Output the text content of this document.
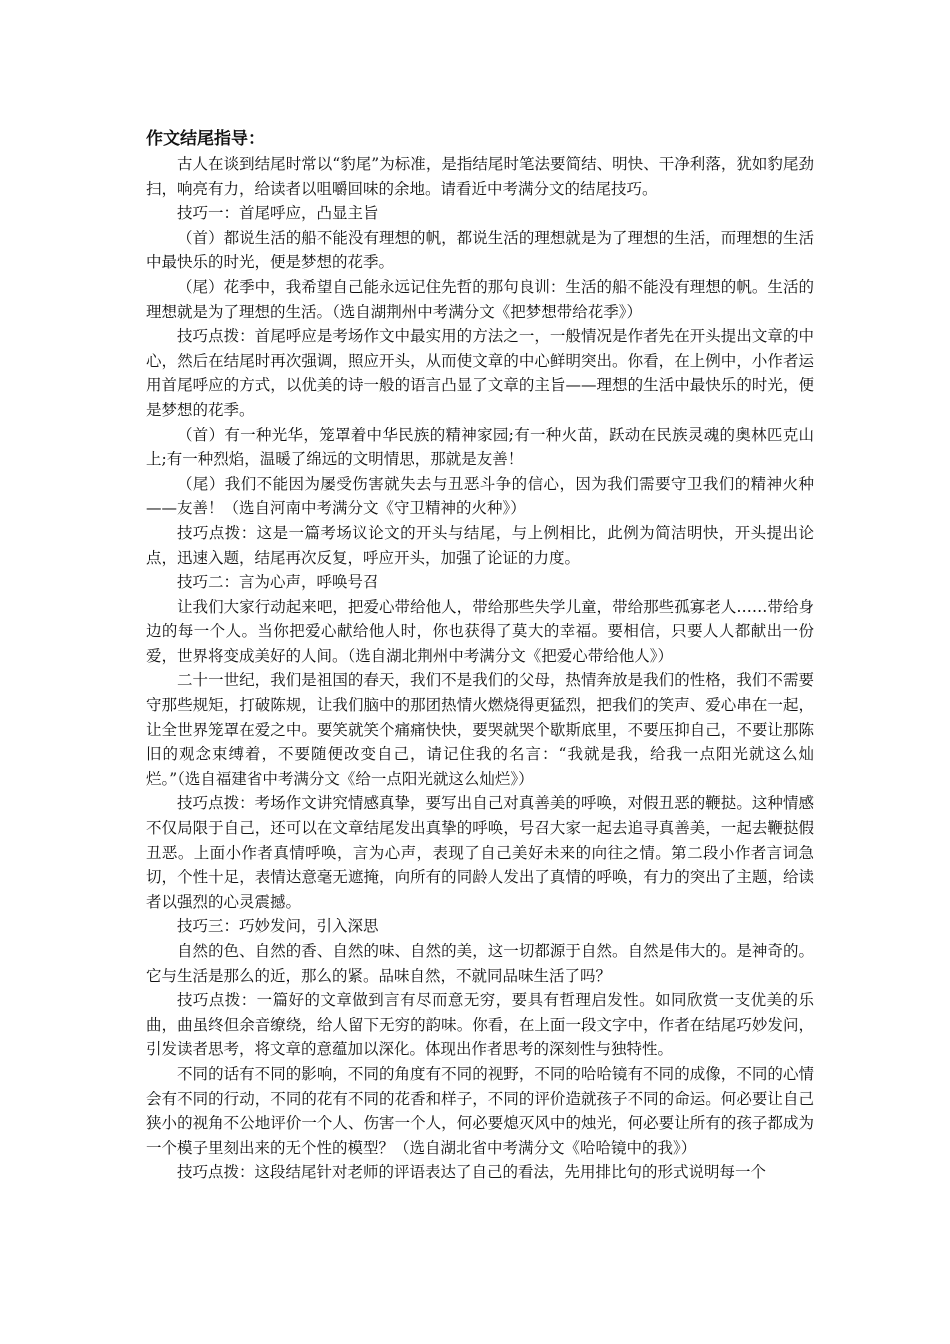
作文结尾指导：

古人在谈到结尾时常以“豹尾”为标准，是指结尾时笔法要简结、明快、干净利落，犹如豹尾劲扫，响亮有力，给读者以咀嚼回味的余地。请看近中考满分文的结尾技巧。

技巧一：首尾呼应，凸显主旨

（首）都说生活的船不能没有理想的帆，都说生活的理想就是为了理想的生活，而理想的生活中最快乐的时光，便是梦想的花季。

（尾）花季中，我希望自己能永远记住先哲的那句良训：生活的船不能没有理想的帆。生活的理想就是为了理想的生活。（选自湖荆州中考满分文《把梦想带给花季》）

技巧点拨：首尾呼应是考场作文中最实用的方法之一，一般情况是作者先在开头提出文章的中心，然后在结尾时再次强调，照应开头，从而使文章的中心鲜明突出。你看，在上例中，小作者运用首尾呼应的方式，以优美的诗一般的语言凸显了文章的主旨——理想的生活中最快乐的时光，便是梦想的花季。

（首）有一种光华，笼罩着中华民族的精神家园;有一种火苗，跃动在民族灵魂的奥林匹克山上;有一种烈焰，温暖了绵远的文明情思，那就是友善！

（尾）我们不能因为屡受伤害就失去与丑恶斗争的信心，因为我们需要守卫我们的精神火种——友善！（选自河南中考满分文《守卫精神的火种》）

技巧点拨：这是一篇考场议论文的开头与结尾，与上例相比，此例为简洁明快，开头提出论点，迅速入题，结尾再次反复，呼应开头，加强了论证的力度。

技巧二：言为心声，呼唤号召

让我们大家行动起来吧，把爱心带给他人，带给那些失学儿童，带给那些孤寡老人……带给身边的每一个人。当你把爱心献给他人时，你也获得了莫大的幸福。要相信，只要人人都献出一份爱，世界将变成美好的人间。（选自湖北荆州中考满分文《把爱心带给他人》）

二十一世纪，我们是祖国的春天，我们不是我们的父母，热情奔放是我们的性格，我们不需要守那些规矩，打破陈规，让我们脑中的那团热情火燃烧得更猛烈，把我们的笑声、爱心串在一起，让全世界笼罩在爱之中。要笑就笑个痛痛快快，要哭就哭个歇斯底里，不要压抑自己，不要让那陈旧的观念束缚着，不要随便改变自己，请记住我的名言：“我就是我，给我一点阳光就这么灿烂。”（选自福建省中考满分文《给一点阳光就这么灿烂》）

技巧点拨：考场作文讲究情感真挚，要写出自己对真善美的呼唤，对假丑恶的鞭挞。这种情感不仅局限于自己，还可以在文章结尾发出真挚的呼唤，号召大家一起去追寻真善美，一起去鞭挞假丑恶。上面小作者真情呼唤，言为心声，表现了自己美好未来的向往之情。第二段小作者言词急切，个性十足，表情达意毫无遮掩，向所有的同龄人发出了真情的呼唤，有力的突出了主题，给读者以强烈的心灵震撼。

技巧三：巧妙发问，引入深思

自然的色、自然的香、自然的味、自然的美，这一切都源于自然。自然是伟大的。是神奇的。它与生活是那么的近，那么的紧。品味自然，不就同品味生活了吗？

技巧点拨：一篇好的文章做到言有尽而意无穷，要具有哲理启发性。如同欣赏一支优美的乐曲，曲虽终但余音缭绕，给人留下无穷的韵味。你看，在上面一段文字中，作者在结尾巧妙发问，引发读者思考，将文章的意蕴加以深化。体现出作者思考的深刻性与独特性。

不同的话有不同的影响，不同的角度有不同的视野，不同的哈哈镜有不同的成像，不同的心情会有不同的行动，不同的花有不同的花香和样子，不同的评价造就孩子不同的命运。何必要让自己狭小的视角不公地评价一个人、伤害一个人，何必要熄灭风中的烛光，何必要让所有的孩子都成为一个模子里刻出来的无个性的模型？（选自湖北省中考满分文《哈哈镜中的我》）

技巧点拨：这段结尾针对老师的评语表达了自己的看法，先用排比句的形式说明每一个
